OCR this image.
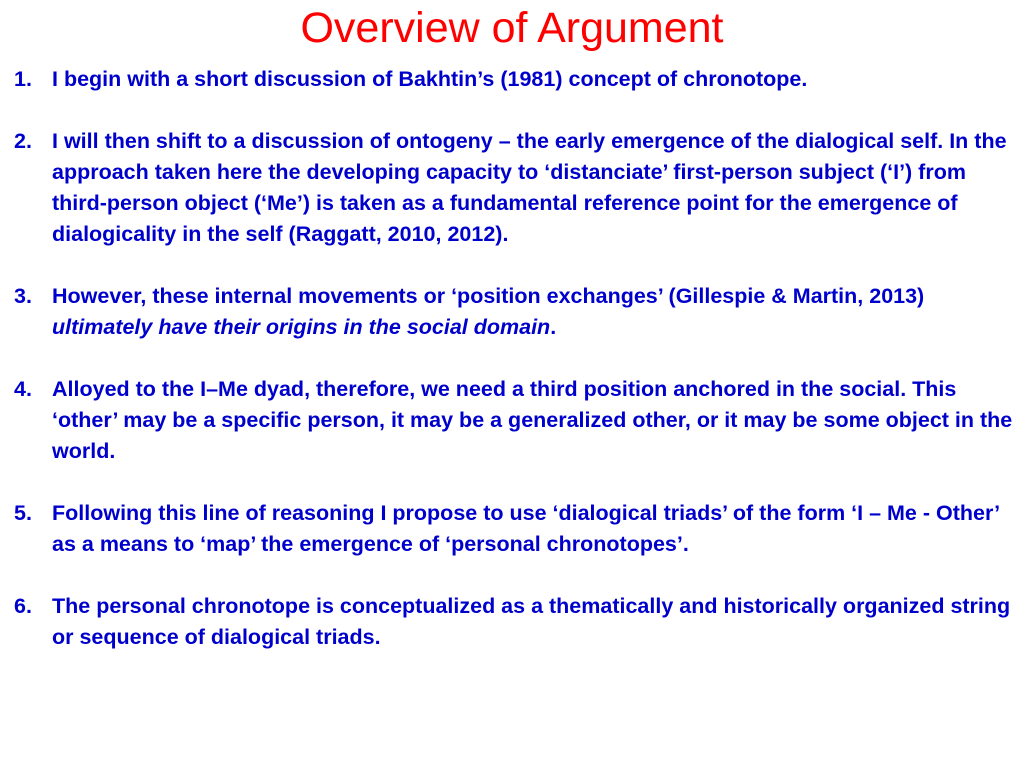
Overview of Argument
1. I begin with a short discussion of Bakhtin’s (1981) concept of chronotope.
2. I will then shift to a discussion of ontogeny – the early emergence of the dialogical self. In the approach taken here the developing capacity to ‘distanciate’ first-person subject (‘I’) from third-person object (‘Me’) is taken as a fundamental reference point for the emergence of dialogicality in the self (Raggatt, 2010, 2012).
3. However, these internal movements or ‘position exchanges’ (Gillespie & Martin, 2013) ultimately have their origins in the social domain.
4. Alloyed to the I–Me dyad, therefore, we need a third position anchored in the social. This ‘other’ may be a specific person, it may be a generalized other, or it may be some object in the world.
5. Following this line of reasoning I propose to use ‘dialogical triads’ of the form ‘I – Me - Other’ as a means to ‘map’ the emergence of ‘personal chronotopes’.
6. The personal chronotope is conceptualized as a thematically and historically organized string or sequence of dialogical triads.
